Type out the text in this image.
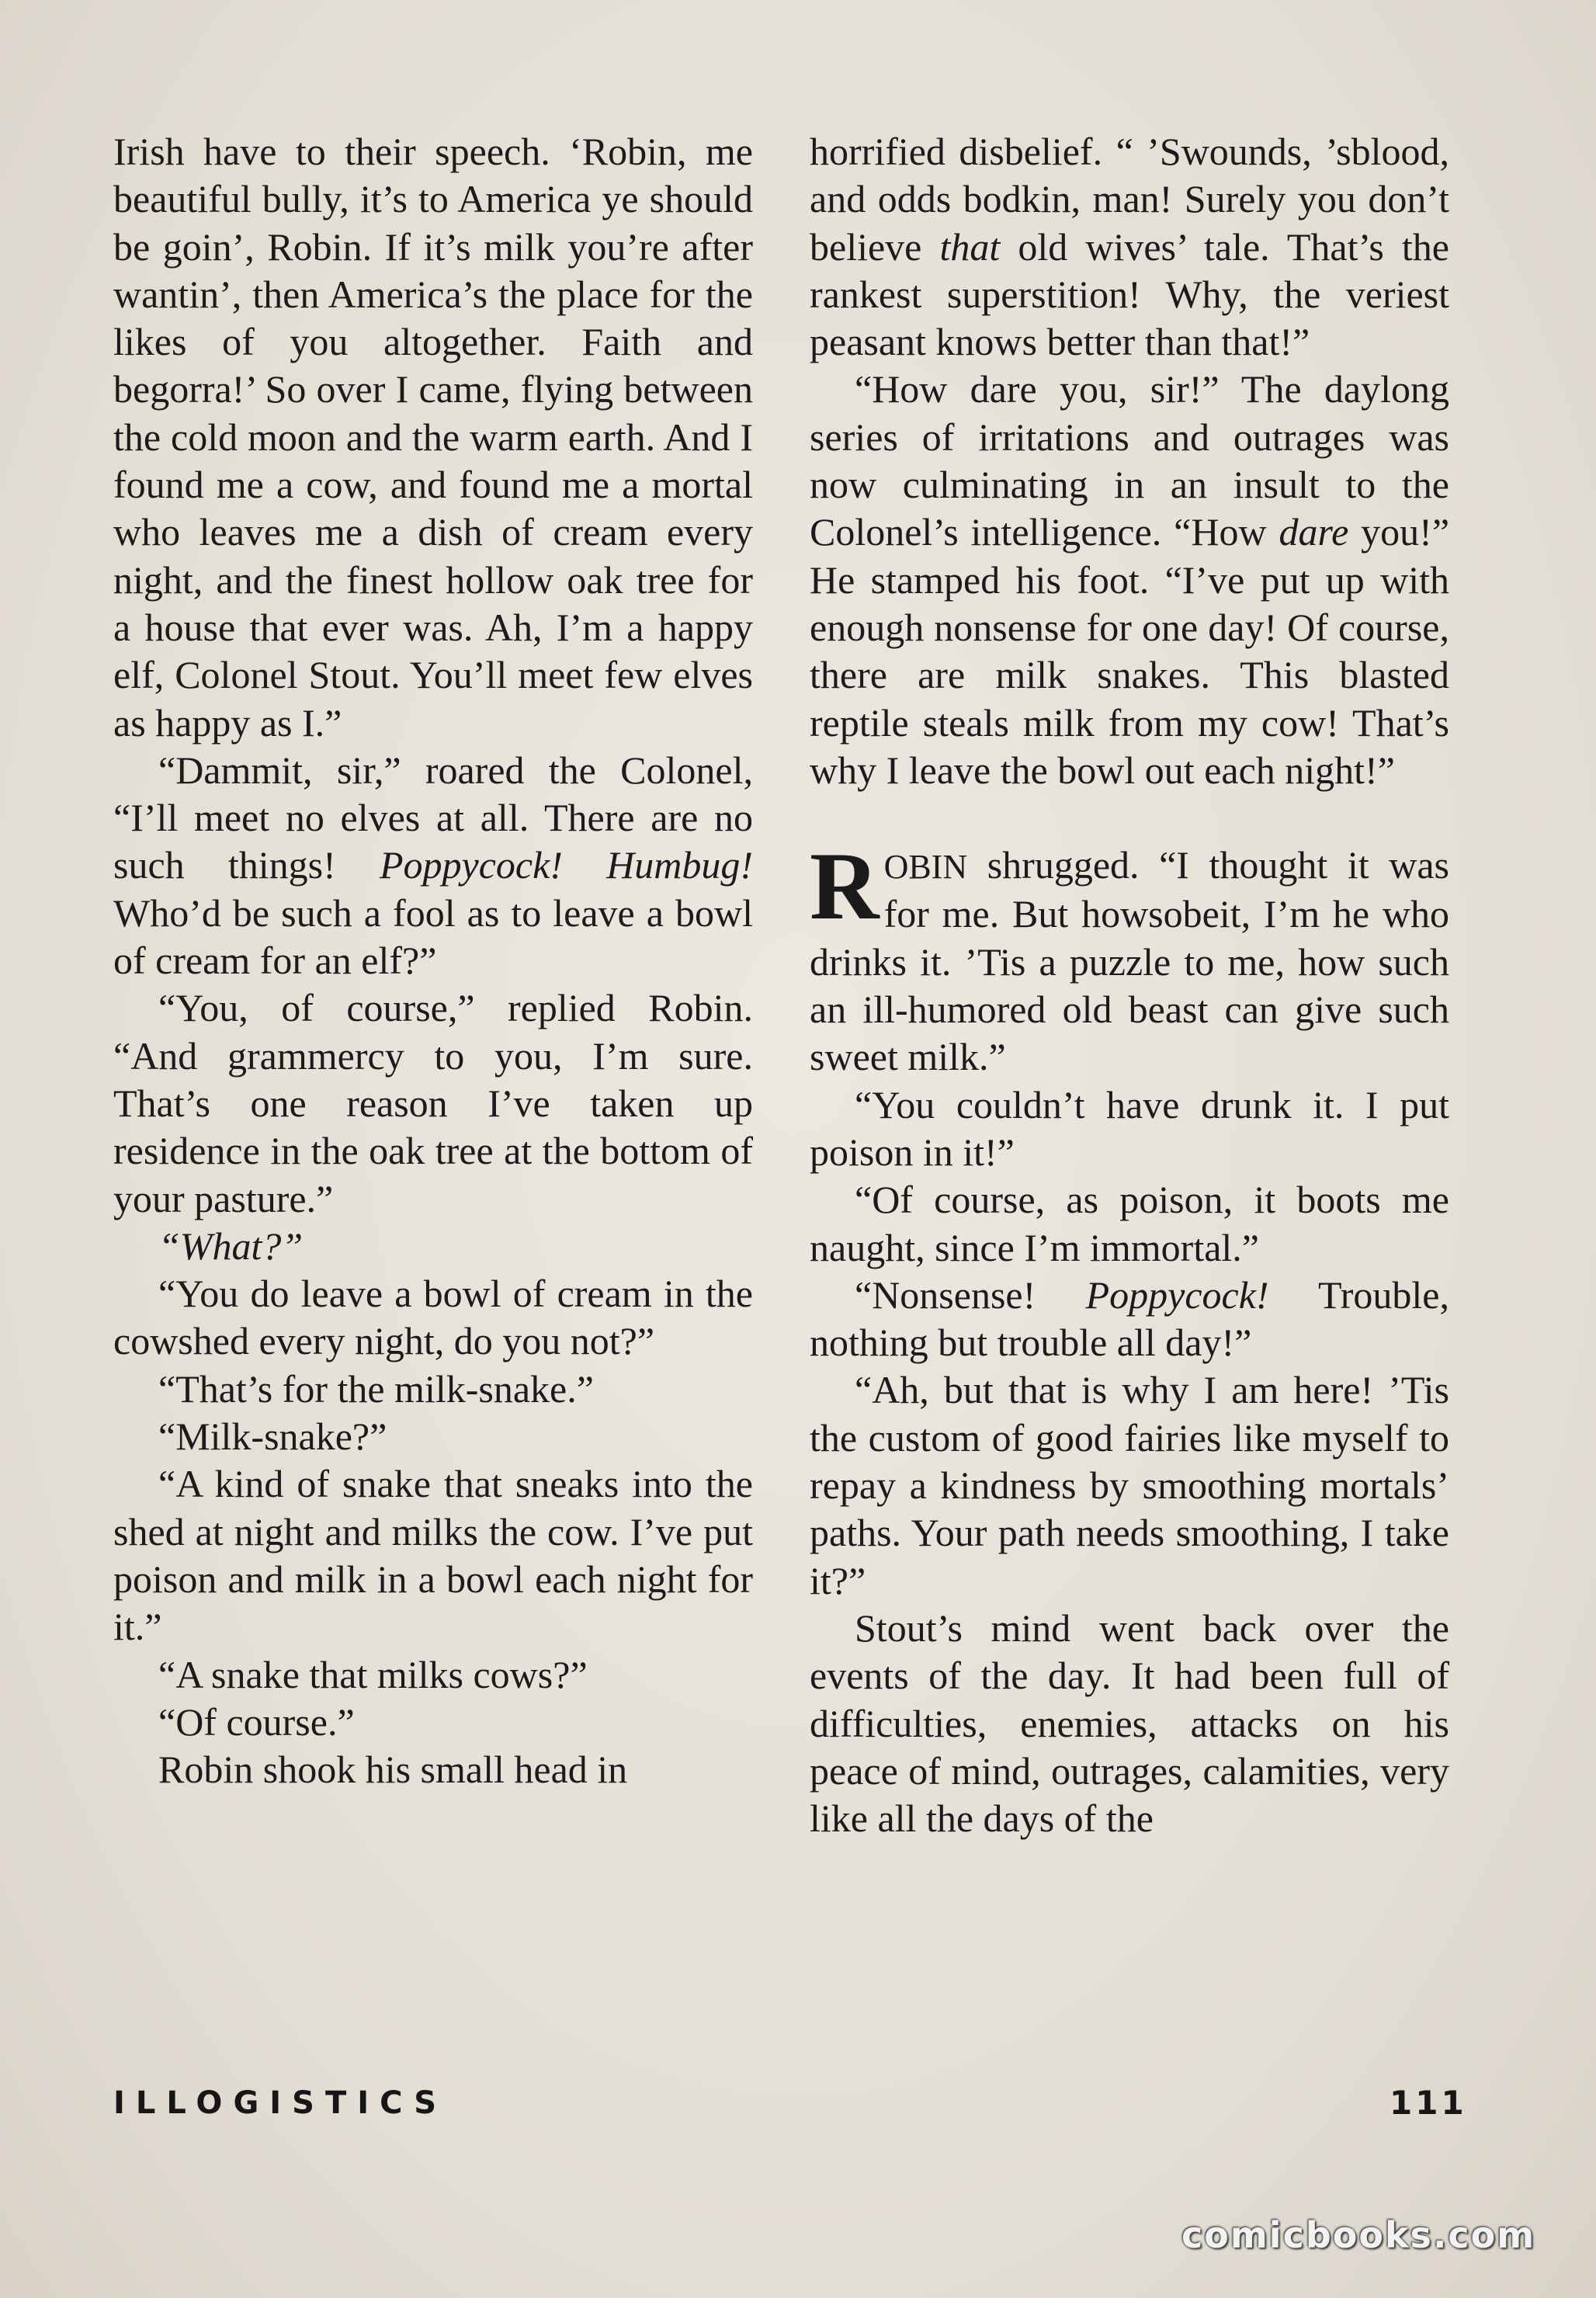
Irish have to their speech. ‘Robin, me beautiful bully, it’s to America ye should be goin’, Robin. If it’s milk you’re after wantin’, then America’s the place for the likes of you altogether. Faith and begorra!’ So over I came, flying between the cold moon and the warm earth. And I found me a cow, and found me a mortal who leaves me a dish of cream every night, and the finest hollow oak tree for a house that ever was. Ah, I’m a happy elf, Colonel Stout. You’ll meet few elves as happy as I.”

“Dammit, sir,” roared the Colonel, “I’ll meet no elves at all. There are no such things! Poppycock! Humbug! Who’d be such a fool as to leave a bowl of cream for an elf?”

“You, of course,” replied Robin. “And grammercy to you, I’m sure. That’s one reason I’ve taken up residence in the oak tree at the bottom of your pasture.”

“What?”

“You do leave a bowl of cream in the cowshed every night, do you not?”

“That’s for the milk-snake.”

“Milk-snake?”

“A kind of snake that sneaks into the shed at night and milks the cow. I’ve put poison and milk in a bowl each night for it.”

“A snake that milks cows?”

“Of course.”

Robin shook his small head in

horrified disbelief. “ ’Swounds, ’sblood, and odds bodkin, man! Surely you don’t believe that old wives’ tale. That’s the rankest superstition! Why, the veriest peasant knows better than that!”

“How dare you, sir!” The daylong series of irritations and outrages was now culminating in an insult to the Colonel’s intelligence. “How dare you!” He stamped his foot. “I’ve put up with enough nonsense for one day! Of course, there are milk snakes. This blasted reptile steals milk from my cow! That’s why I leave the bowl out each night!”

ROBIN shrugged. “I thought it was for me. But howsobeit, I’m he who drinks it. ’Tis a puzzle to me, how such an ill-humored old beast can give such sweet milk.”

“You couldn’t have drunk it. I put poison in it!”

“Of course, as poison, it boots me naught, since I’m immortal.”

“Nonsense! Poppycock! Trouble, nothing but trouble all day!”

“Ah, but that is why I am here! ’Tis the custom of good fairies like myself to repay a kindness by smoothing mortals’ paths. Your path needs smoothing, I take it?”

Stout’s mind went back over the events of the day. It had been full of difficulties, enemies, attacks on his peace of mind, outrages, calamities, very like all the days of the

ILLOGISTICS	111
comicbooks.com
